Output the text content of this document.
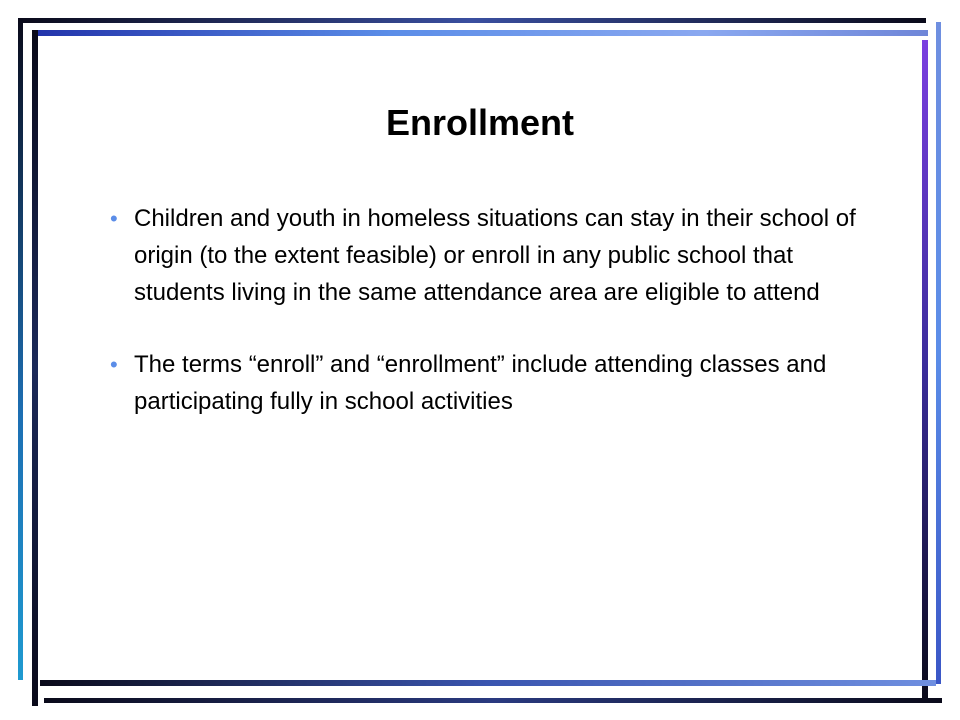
Enrollment
• Children and youth in homeless situations can stay in their school of origin (to the extent feasible) or enroll in any public school that students living in the same attendance area are eligible to attend
• The terms “enroll” and “enrollment” include attending classes and participating fully in school activities
